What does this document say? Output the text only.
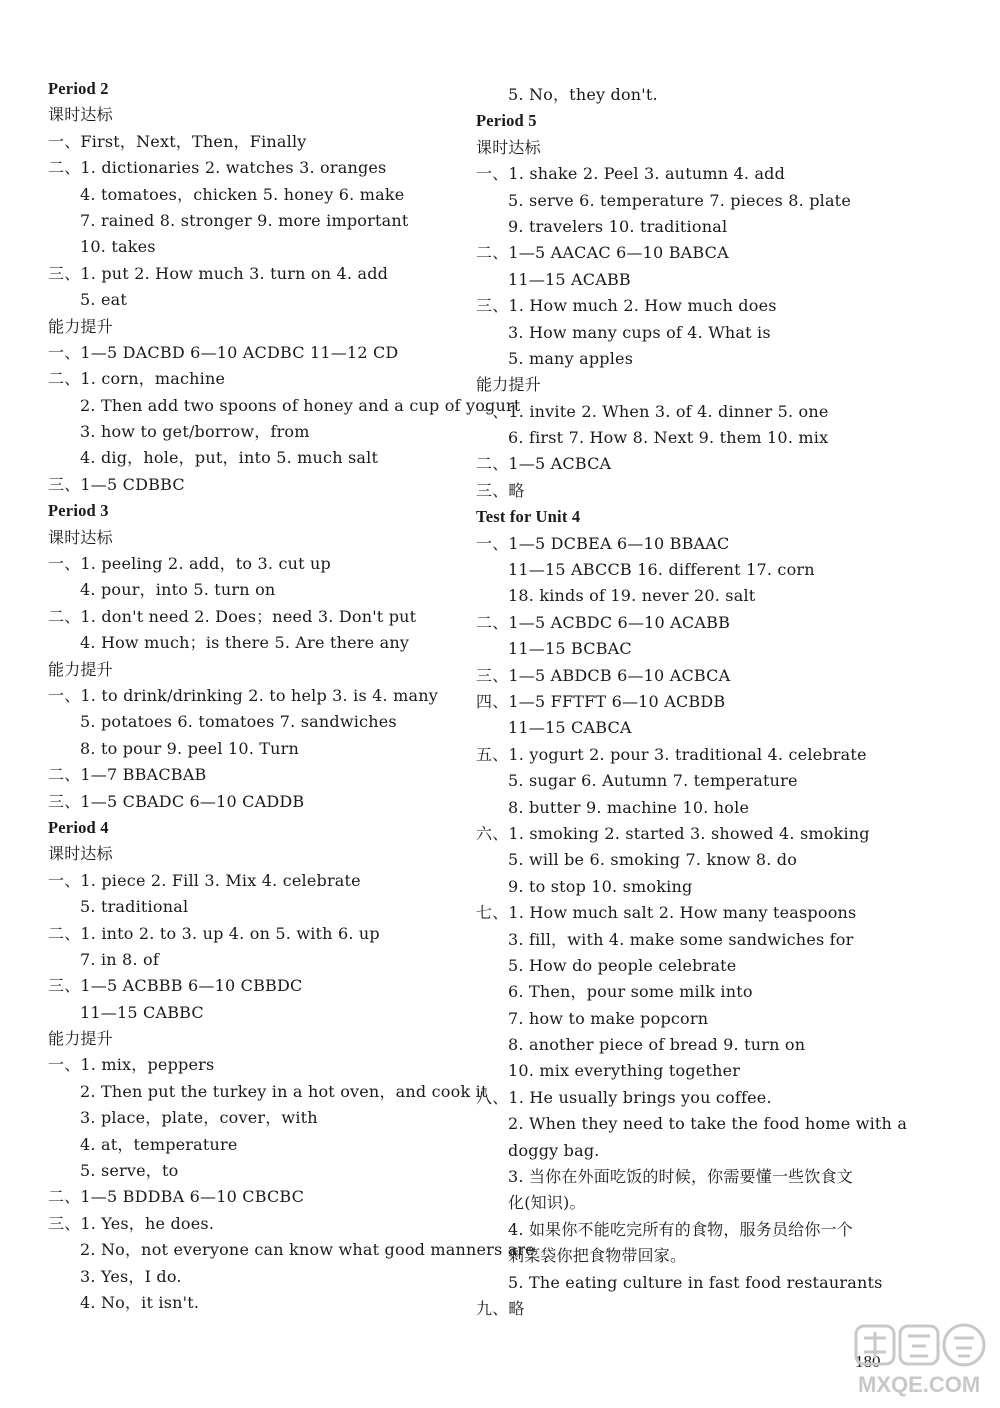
Period 2
课时达标
一、First，Next，Then，Finally
二、1. dictionaries 2. watches 3. oranges
4. tomatoes，chicken 5. honey 6. make
7. rained 8. stronger 9. more important
10. takes
三、1. put 2. How much 3. turn on 4. add
5. eat
能力提升
一、1—5 DACBD 6—10 ACDBC 11—12 CD
二、1. corn，machine
2. Then add two spoons of honey and a cup of yogurt
3. how to get/borrow，from
4. dig，hole，put，into 5. much salt
三、1—5 CDBBC
Period 3
课时达标
一、1. peeling 2. add，to 3. cut up
4. pour，into 5. turn on
二、1. don't need 2. Does；need 3. Don't put
4. How much；is there 5. Are there any
能力提升
一、1. to drink/drinking 2. to help 3. is 4. many
5. potatoes 6. tomatoes 7. sandwiches
8. to pour 9. peel 10. Turn
二、1—7 BBACBAB
三、1—5 CBADC 6—10 CADDB
Period 4
课时达标
一、1. piece 2. Fill 3. Mix 4. celebrate
5. traditional
二、1. into 2. to 3. up 4. on 5. with 6. up
7. in 8. of
三、1—5 ACBBB 6—10 CBBDC
11—15 CABBC
能力提升
一、1. mix，peppers
2. Then put the turkey in a hot oven，and cook it
3. place，plate，cover，with
4. at，temperature
5. serve，to
二、1—5 BDDBA 6—10 CBCBC
三、1. Yes，he does.
2. No，not everyone can know what good manners are
3. Yes，I do.
4. No，it isn't.
5. No，they don't.
Period 5
课时达标
一、1. shake 2. Peel 3. autumn 4. add
5. serve 6. temperature 7. pieces 8. plate
9. travelers 10. traditional
二、1—5 AACAC 6—10 BABCA
11—15 ACABB
三、1. How much 2. How much does
3. How many cups of 4. What is
5. many apples
能力提升
一、1. invite 2. When 3. of 4. dinner 5. one
6. first 7. How 8. Next 9. them 10. mix
二、1—5 ACBCA
三、略
Test for Unit 4
一、1—5 DCBEA 6—10 BBAAC
11—15 ABCCB 16. different 17. corn
18. kinds of 19. never 20. salt
二、1—5 ACBDC 6—10 ACABB
11—15 BCBAC
三、1—5 ABDCB 6—10 ACBCA
四、1—5 FFTFT 6—10 ACBDB
11—15 CABCA
五、1. yogurt 2. pour 3. traditional 4. celebrate
5. sugar 6. Autumn 7. temperature
8. butter 9. machine 10. hole
六、1. smoking 2. started 3. showed 4. smoking
5. will be 6. smoking 7. know 8. do
9. to stop 10. smoking
七、1. How much salt 2. How many teaspoons
3. fill，with 4. make some sandwiches for
5. How do people celebrate
6. Then，pour some milk into
7. how to make popcorn
8. another piece of bread 9. turn on
10. mix everything together
八、1. He usually brings you coffee.
2. When they need to take the food home with a
doggy bag.
3. 当你在外面吃饭的时候，你需要懂一些饮食文
化(知识)。
4. 如果你不能吃完所有的食物，服务员给你一个
剩菜袋你把食物带回家。
5. The eating culture in fast food restaurants
九、略
180
MXQE.COM
